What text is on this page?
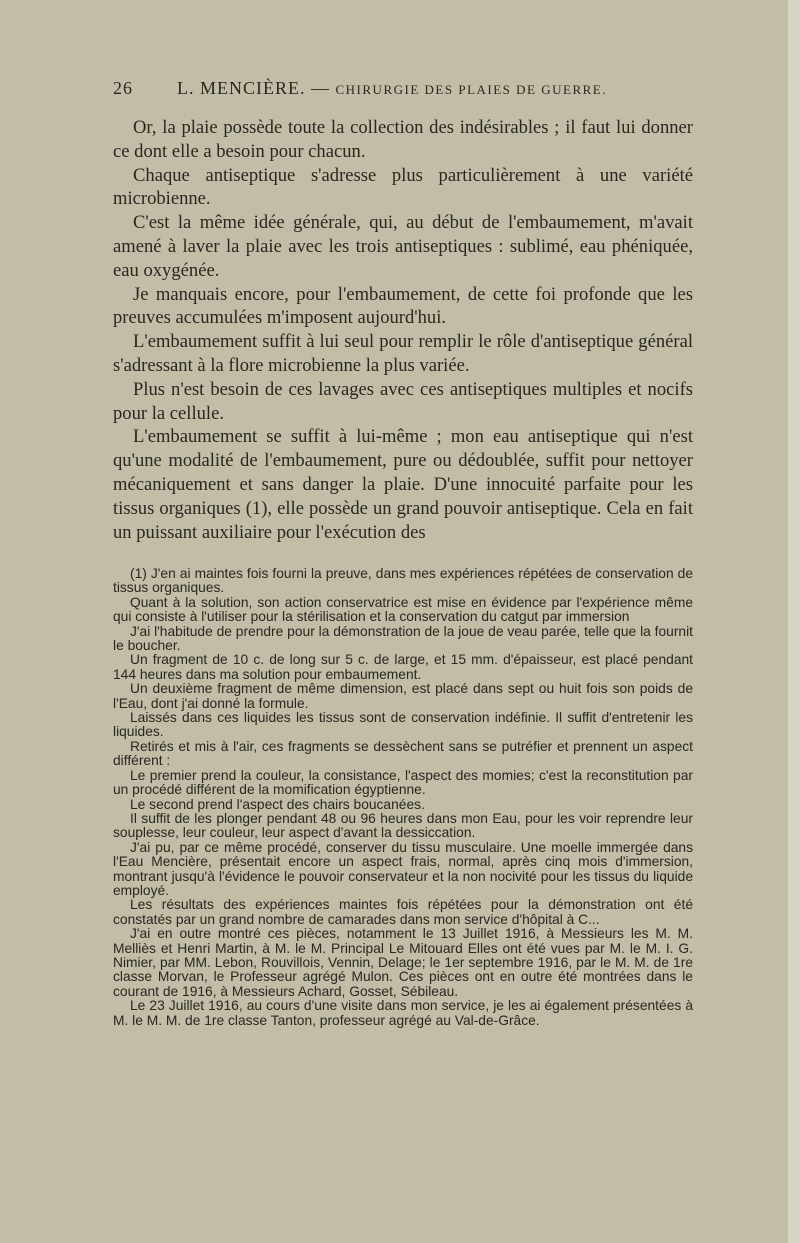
26 L. MENCIÈRE. — CHIRURGIE DES PLAIES DE GUERRE.

Or, la plaie possède toute la collection des indésirables ; il faut lui donner ce dont elle a besoin pour chacun.

Chaque antiseptique s'adresse plus particulièrement à une variété microbienne.

C'est la même idée générale, qui, au début de l'embaumement, m'avait amené à laver la plaie avec les trois antiseptiques : sublimé, eau phéniquée, eau oxygénée.

Je manquais encore, pour l'embaumement, de cette foi profonde que les preuves accumulées m'imposent aujourd'hui.

L'embaumement suffit à lui seul pour remplir le rôle d'antiseptique général s'adressant à la flore microbienne la plus variée.

Plus n'est besoin de ces lavages avec ces antiseptiques multiples et nocifs pour la cellule.

L'embaumement se suffit à lui-même ; mon eau antiseptique qui n'est qu'une modalité de l'embaumement, pure ou dédoublée, suffit pour nettoyer mécaniquement et sans danger la plaie. D'une innocuité parfaite pour les tissus organiques (1), elle possède un grand pouvoir antiseptique. Cela en fait un puissant auxiliaire pour l'exécution des

(1) J'en ai maintes fois fourni la preuve, dans mes expériences répétées de conservation de tissus organiques.

Quant à la solution, son action conservatrice est mise en évidence par l'expérience même qui consiste à l'utiliser pour la stérilisation et la conservation du catgut par immersion

J'ai l'habitude de prendre pour la démonstration de la joue de veau parée, telle que la fournit le boucher.

Un fragment de 10 c. de long sur 5 c. de large, et 15 mm. d'épaisseur, est placé pendant 144 heures dans ma solution pour embaumement.

Un deuxième fragment de même dimension, est placé dans sept ou huit fois son poids de l'Eau, dont j'ai donné la formule.

Laissés dans ces liquides les tissus sont de conservation indéfinie. Il suffit d'entretenir les liquides.

Retirés et mis à l'air, ces fragments se dessèchent sans se putréfier et prennent un aspect différent :

Le premier prend la couleur, la consistance, l'aspect des momies; c'est la reconstitution par un procédé différent de la momification égyptienne.

Le second prend l'aspect des chairs boucanées.

Il suffit de les plonger pendant 48 ou 96 heures dans mon Eau, pour les voir reprendre leur souplesse, leur couleur, leur aspect d'avant la dessiccation.

J'ai pu, par ce même procédé, conserver du tissu musculaire. Une moelle immergée dans l'Eau Mencière, présentait encore un aspect frais, normal, après cinq mois d'immersion, montrant jusqu'à l'évidence le pouvoir conservateur et la non nocivité pour les tissus du liquide employé.

Les résultats des expériences maintes fois répétées pour la démonstration ont été constatés par un grand nombre de camarades dans mon service d'hôpital à C...

J'ai en outre montré ces pièces, notamment le 13 Juillet 1916, à Messieurs les M. M. Melliès et Henri Martin, à M. le M. Principal Le Mitouard Elles ont été vues par M. le M. I. G. Nimier, par MM. Lebon, Rouvillois, Vennin, Delage; le 1er septembre 1916, par le M. M. de 1re classe Morvan, le Professeur agrégé Mulon. Ces pièces ont en outre été montrées dans le courant de 1916, à Messieurs Achard, Gosset, Sébileau.

Le 23 Juillet 1916, au cours d'une visite dans mon service, je les ai également présentées à M. le M. M. de 1re classe Tanton, professeur agrégé au Val-de-Grâce.
